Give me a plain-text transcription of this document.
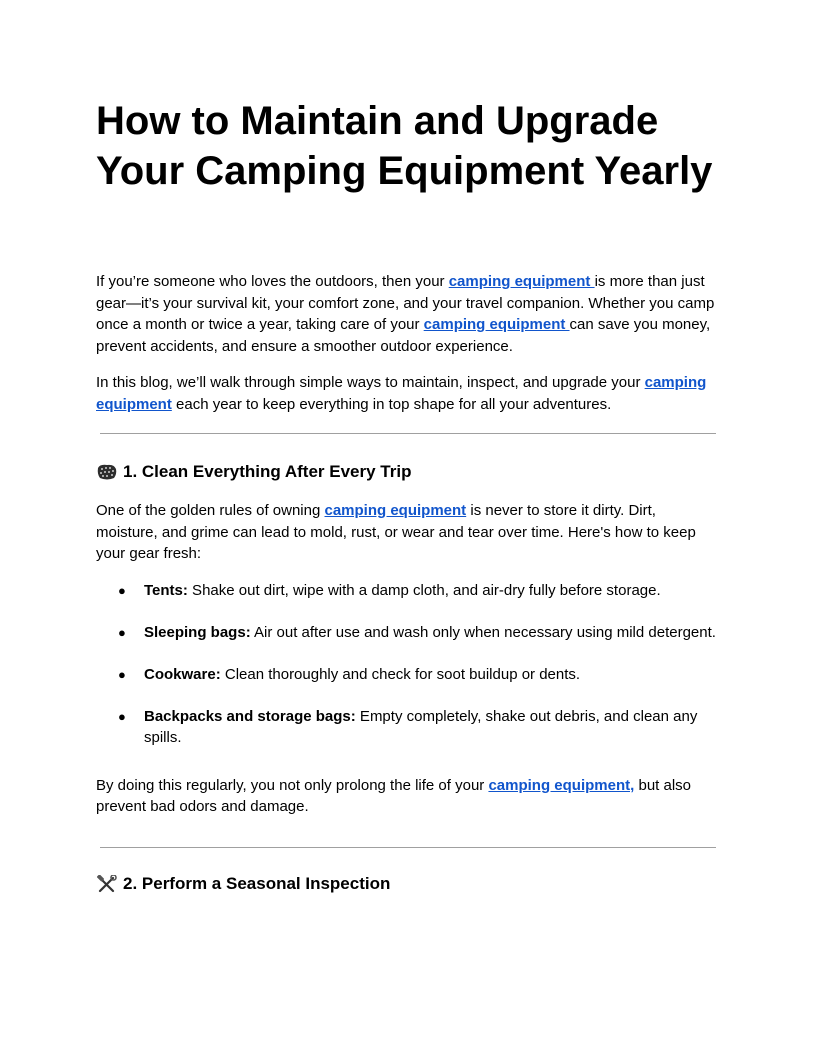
How to Maintain and Upgrade Your Camping Equipment Yearly

If you’re someone who loves the outdoors, then your camping equipment is more than just gear—it’s your survival kit, your comfort zone, and your travel companion. Whether you camp once a month or twice a year, taking care of your camping equipment can save you money, prevent accidents, and ensure a smoother outdoor experience.

In this blog, we’ll walk through simple ways to maintain, inspect, and upgrade your camping equipment each year to keep everything in top shape for all your adventures.

1. Clean Everything After Every Trip

One of the golden rules of owning camping equipment is never to store it dirty. Dirt, moisture, and grime can lead to mold, rust, or wear and tear over time. Here's how to keep your gear fresh:

● Tents: Shake out dirt, wipe with a damp cloth, and air-dry fully before storage.
● Sleeping bags: Air out after use and wash only when necessary using mild detergent.
● Cookware: Clean thoroughly and check for soot buildup or dents.
● Backpacks and storage bags: Empty completely, shake out debris, and clean any spills.

By doing this regularly, you not only prolong the life of your camping equipment, but also prevent bad odors and damage.

2. Perform a Seasonal Inspection
